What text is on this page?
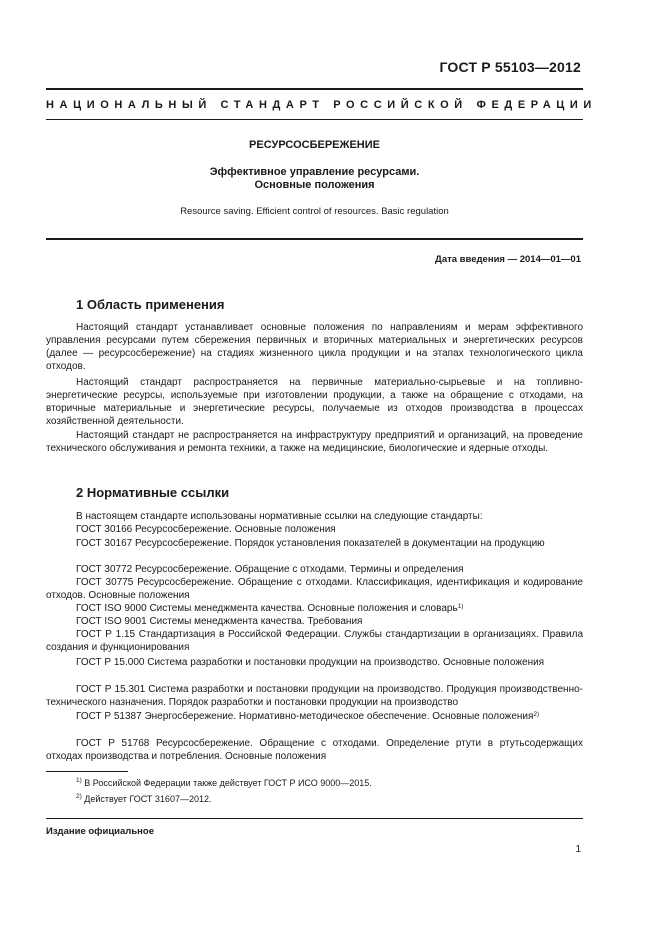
ГОСТ Р 55103—2012
НАЦИОНАЛЬНЫЙ СТАНДАРТ РОССИЙСКОЙ ФЕДЕРАЦИИ
РЕСУРСОСБЕРЕЖЕНИЕ
Эффективное управление ресурсами.
Основные положения
Resource saving. Efficient control of resources. Basic regulation
Дата введения — 2014—01—01
1 Область применения
Настоящий стандарт устанавливает основные положения по направлениям и мерам эффективного управления ресурсами путем сбережения первичных и вторичных материальных и энергетических ресурсов (далее — ресурсосбережение) на стадиях жизненного цикла продукции и на этапах технологического цикла отходов.
Настоящий стандарт распространяется на первичные материально-сырьевые и на топливно-энергетические ресурсы, используемые при изготовлении продукции, а также на обращение с отходами, на вторичные материальные и энергетические ресурсы, получаемые из отходов производства в процессах хозяйственной деятельности.
Настоящий стандарт не распространяется на инфраструктуру предприятий и организаций, на проведение технического обслуживания и ремонта техники, а также на медицинские, биологические и ядерные отходы.
2 Нормативные ссылки
В настоящем стандарте использованы нормативные ссылки на следующие стандарты:
ГОСТ 30166 Ресурсосбережение. Основные положения
ГОСТ 30167 Ресурсосбережение. Порядок установления показателей в документации на продукцию
ГОСТ 30772 Ресурсосбережение. Обращение с отходами. Термины и определения
ГОСТ 30775 Ресурсосбережение. Обращение с отходами. Классификация, идентификация и кодирование отходов. Основные положения
ГОСТ ISO 9000 Системы менеджмента качества. Основные положения и словарь$^{1)}$
ГОСТ ISO 9001 Системы менеджмента качества. Требования
ГОСТ Р 1.15 Стандартизация в Российской Федерации. Службы стандартизации в организациях. Правила создания и функционирования
ГОСТ Р 15.000 Система разработки и постановки продукции на производство. Основные положения
ГОСТ Р 15.301 Система разработки и постановки продукции на производство. Продукция производственно-технического назначения. Порядок разработки и постановки продукции на производство
ГОСТ Р 51387 Энергосбережение. Нормативно-методическое обеспечение. Основные положения$^{2)}$
ГОСТ Р 51768 Ресурсосбережение. Обращение с отходами. Определение ртути в ртутьсодержащих отходах производства и потребления. Основные положения
$^{1)}$ В Российской Федерации также действует ГОСТ Р ИСО 9000—2015.
$^{2)}$ Действует ГОСТ 31607—2012.
Издание официальное
1
